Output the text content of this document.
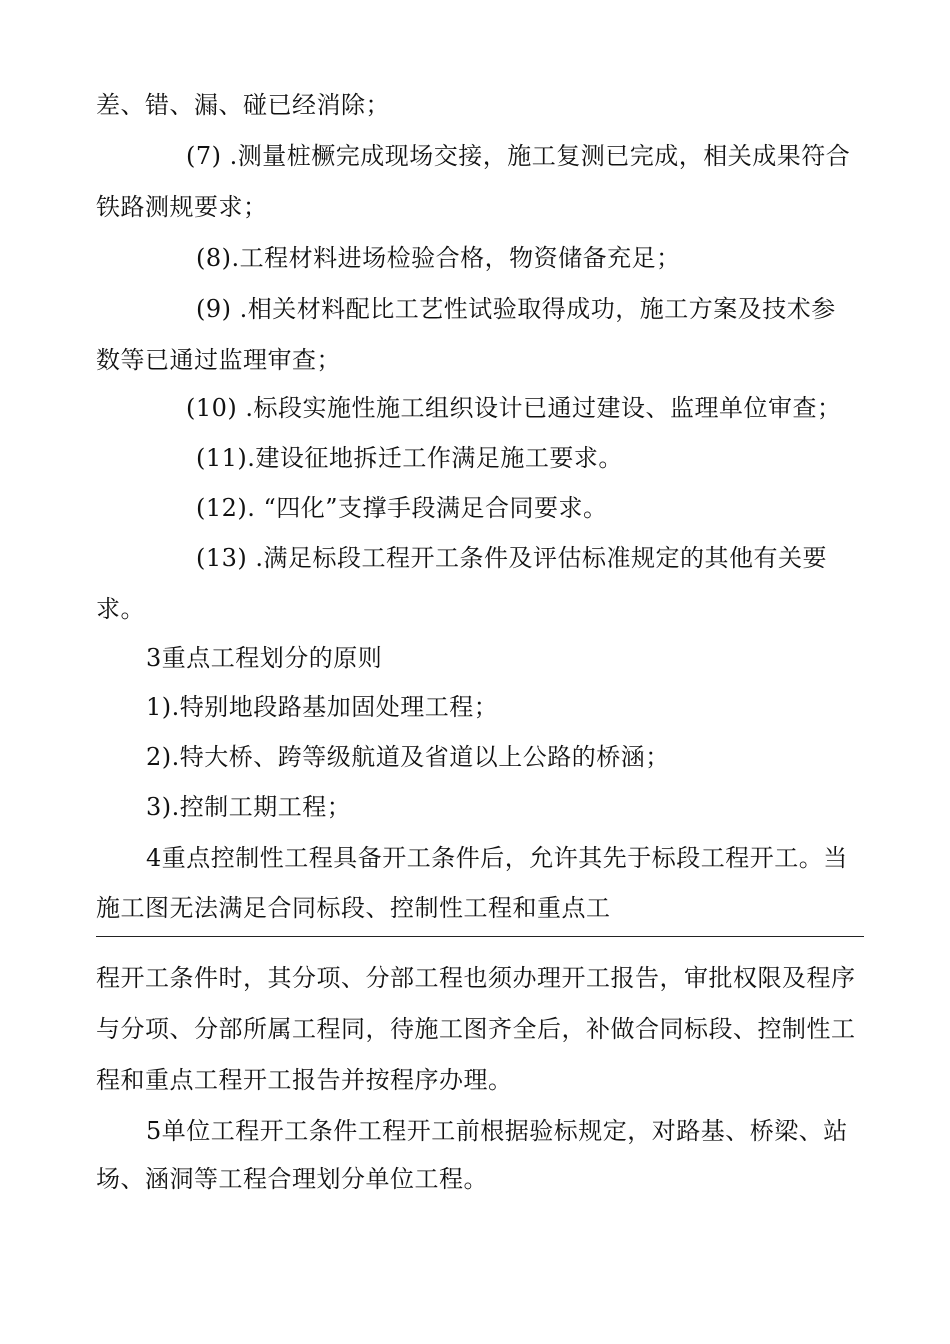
差、错、漏、碰已经消除；
(7) .测量桩橛完成现场交接，施工复测已完成，相关成果符合
铁路测规要求；
(8).工程材料进场检验合格，物资储备充足；
(9) .相关材料配比工艺性试验取得成功，施工方案及技术参
数等已通过监理审查；
(10) .标段实施性施工组织设计已通过建设、监理单位审查；
(11).建设征地拆迁工作满足施工要求。
(12). “四化”支撑手段满足合同要求。
(13) .满足标段工程开工条件及评估标准规定的其他有关要
求。
3重点工程划分的原则
1).特别地段路基加固处理工程；
2).特大桥、跨等级航道及省道以上公路的桥涵；
3).控制工期工程；
4重点控制性工程具备开工条件后，允许其先于标段工程开工。当
施工图无法满足合同标段、控制性工程和重点工
程开工条件时，其分项、分部工程也须办理开工报告，审批权限及程序
与分项、分部所属工程同，待施工图齐全后，补做合同标段、控制性工
程和重点工程开工报告并按程序办理。
5单位工程开工条件工程开工前根据验标规定，对路基、桥梁、站
场、涵洞等工程合理划分单位工程。
